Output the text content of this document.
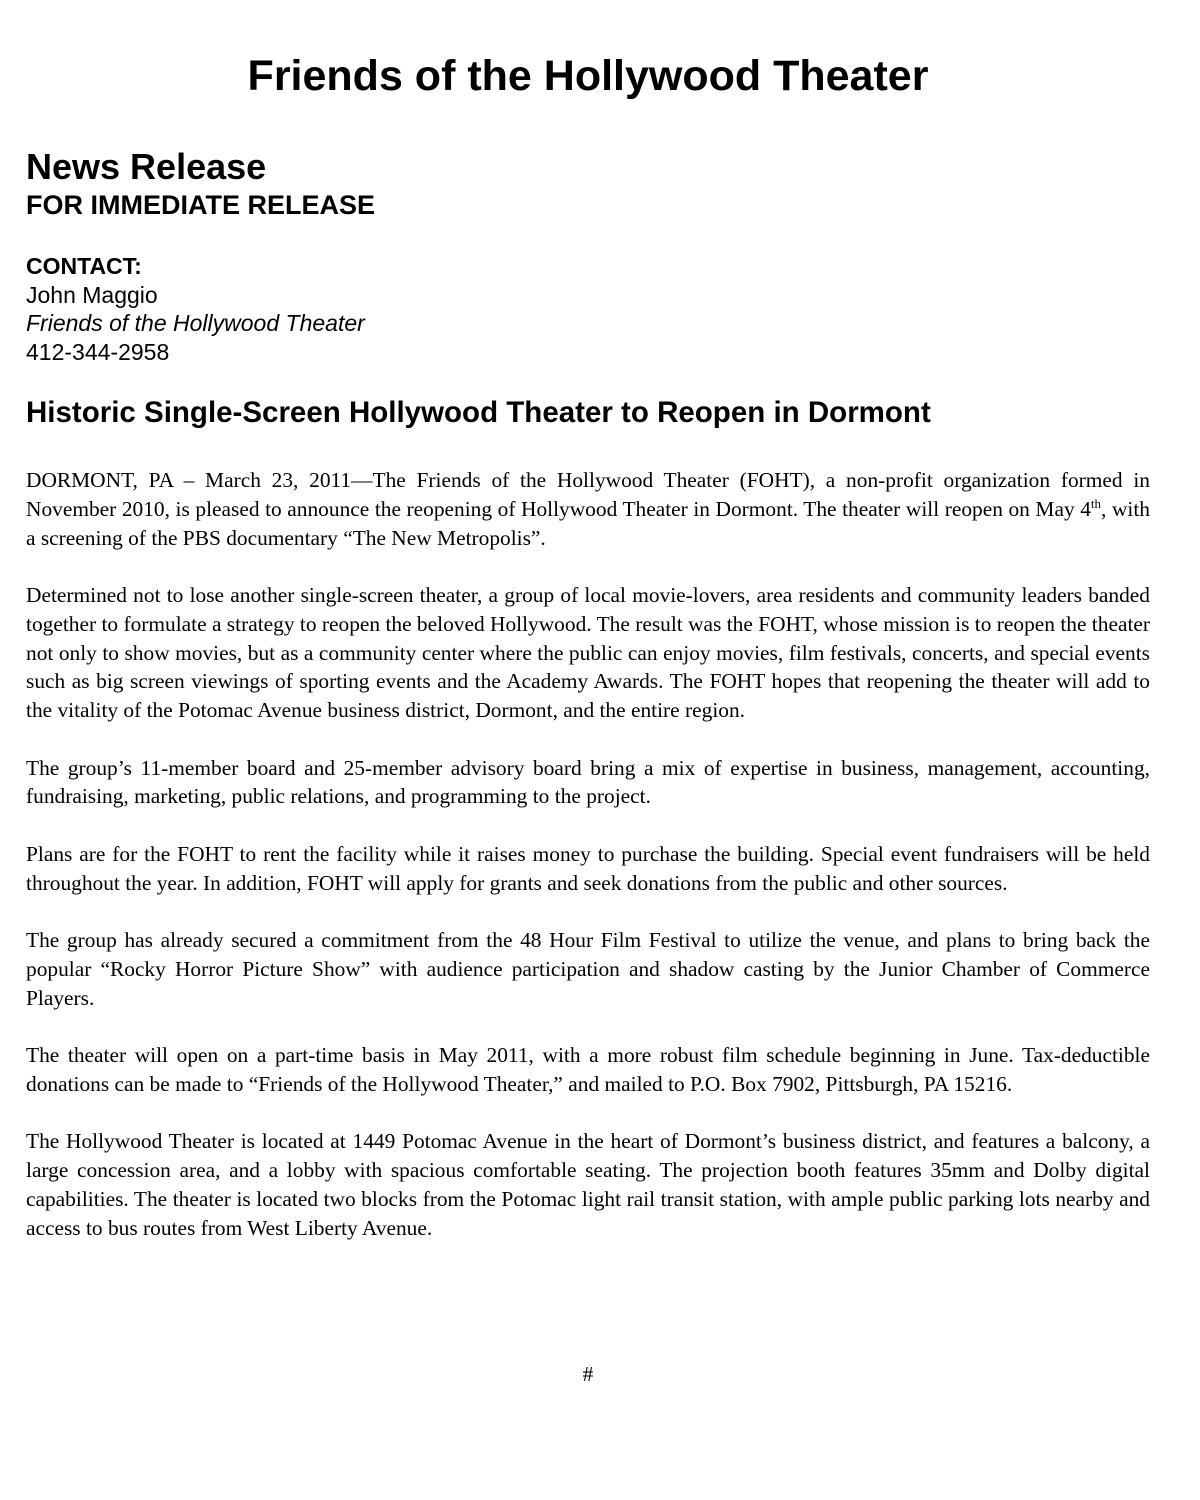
Friends of the Hollywood Theater
News Release
FOR IMMEDIATE RELEASE
CONTACT:
John Maggio
Friends of the Hollywood Theater
412-344-2958
Historic Single-Screen Hollywood Theater to Reopen in Dormont

DORMONT, PA – March 23, 2011—The Friends of the Hollywood Theater (FOHT), a non-profit organization formed in November 2010, is pleased to announce the reopening of Hollywood Theater in Dormont. The theater will reopen on May 4th, with a screening of the PBS documentary “The New Metropolis”.

Determined not to lose another single-screen theater, a group of local movie-lovers, area residents and community leaders banded together to formulate a strategy to reopen the beloved Hollywood. The result was the FOHT, whose mission is to reopen the theater not only to show movies, but as a community center where the public can enjoy movies, film festivals, concerts, and special events such as big screen viewings of sporting events and the Academy Awards. The FOHT hopes that reopening the theater will add to the vitality of the Potomac Avenue business district, Dormont, and the entire region.

The group’s 11-member board and 25-member advisory board bring a mix of expertise in business, management, accounting, fundraising, marketing, public relations, and programming to the project.

Plans are for the FOHT to rent the facility while it raises money to purchase the building. Special event fundraisers will be held throughout the year. In addition, FOHT will apply for grants and seek donations from the public and other sources.

The group has already secured a commitment from the 48 Hour Film Festival to utilize the venue, and plans to bring back the popular “Rocky Horror Picture Show” with audience participation and shadow casting by the Junior Chamber of Commerce Players.

The theater will open on a part-time basis in May 2011, with a more robust film schedule beginning in June. Tax-deductible donations can be made to “Friends of the Hollywood Theater,” and mailed to P.O. Box 7902, Pittsburgh, PA 15216.

The Hollywood Theater is located at 1449 Potomac Avenue in the heart of Dormont’s business district, and features a balcony, a large concession area, and a lobby with spacious comfortable seating. The projection booth features 35mm and Dolby digital capabilities. The theater is located two blocks from the Potomac light rail transit station, with ample public parking lots nearby and access to bus routes from West Liberty Avenue.

#
